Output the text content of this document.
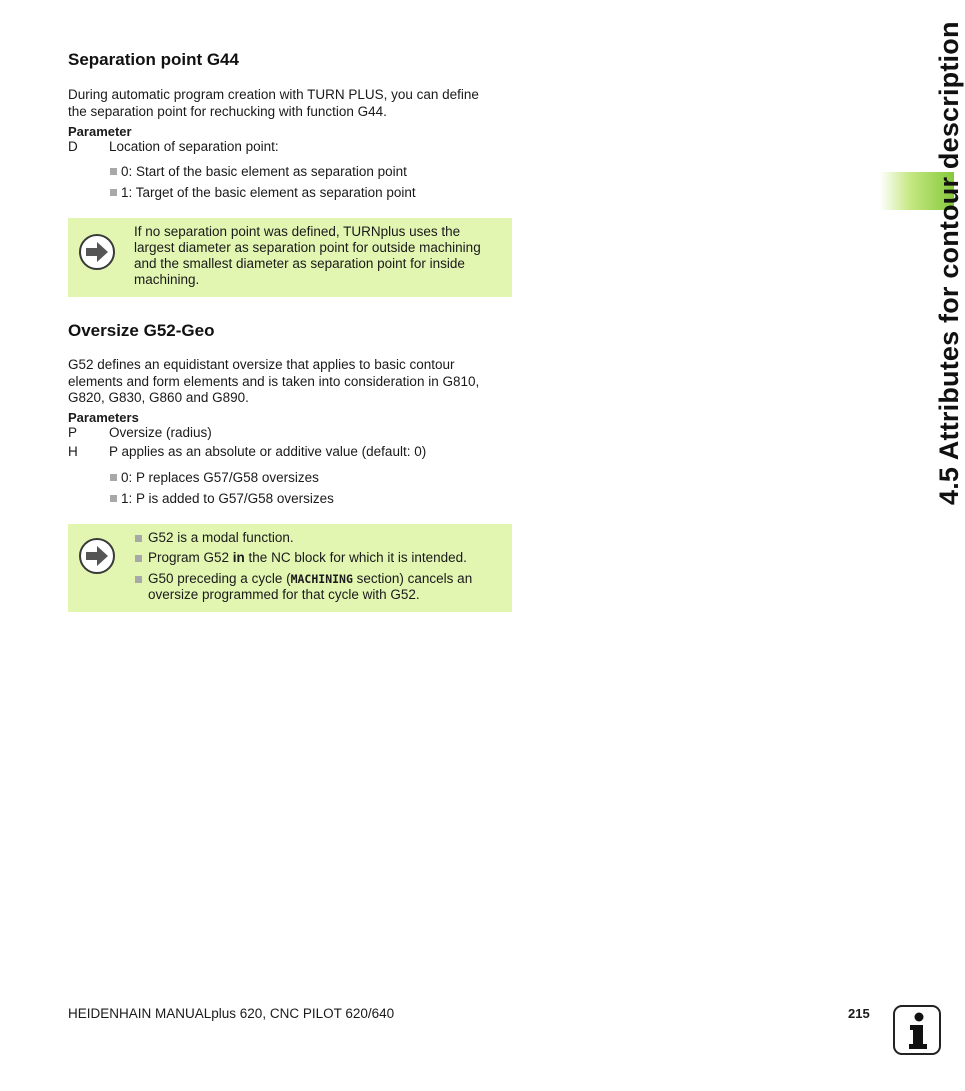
4.5 Attributes for contour description
Separation point G44
During automatic program creation with TURN PLUS, you can define
the separation point for rechucking with function G44.
Parameter
D Location of separation point:
0: Start of the basic element as separation point
1: Target of the basic element as separation point
If no separation point was defined, TURNplus uses the
largest diameter as separation point for outside machining
and the smallest diameter as separation point for inside
machining.
Oversize G52-Geo
G52 defines an equidistant oversize that applies to basic contour
elements and form elements and is taken into consideration in G810,
G820, G830, G860 and G890.
Parameters
P Oversize (radius)
H P applies as an absolute or additive value (default: 0)
0: P replaces G57/G58 oversizes
1: P is added to G57/G58 oversizes
G52 is a modal function.
Program G52 in the NC block for which it is intended.
G50 preceding a cycle (MACHINING section) cancels an
oversize programmed for that cycle with G52.
HEIDENHAIN MANUALplus 620, CNC PILOT 620/640	215
